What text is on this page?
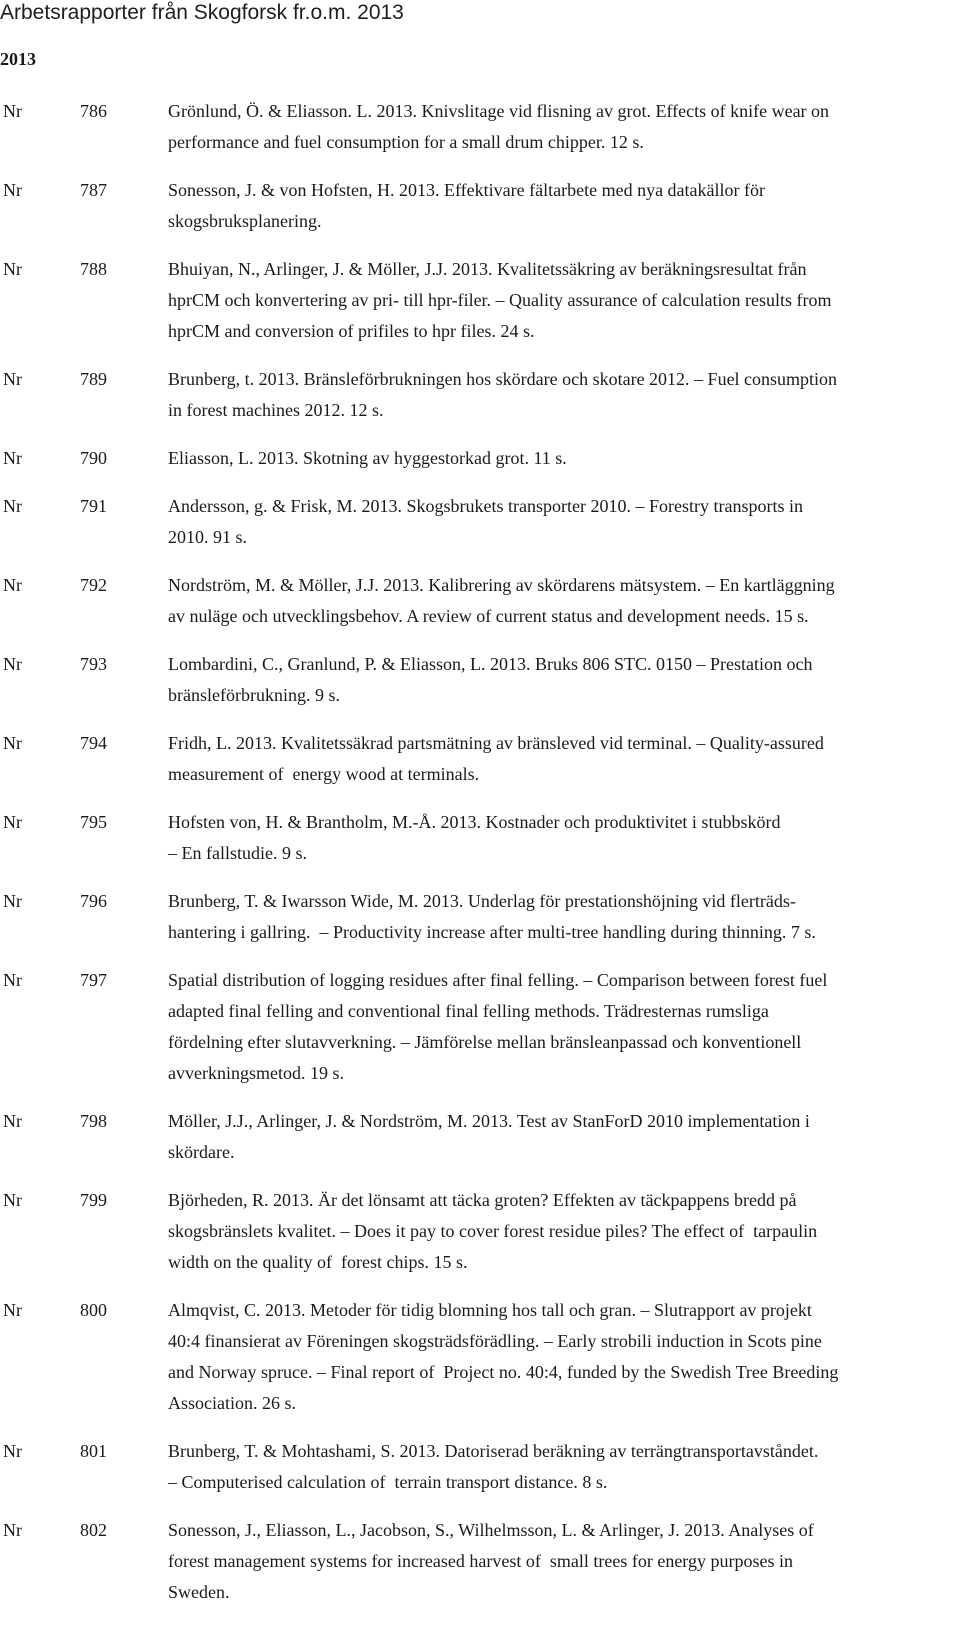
Arbetsrapporter från Skogforsk fr.o.m. 2013
2013
Nr	786	Grönlund, Ö. & Eliasson. L. 2013. Knivslitage vid flisning av grot. Effects of knife wear on
performance and fuel consumption for a small drum chipper. 12 s.
Nr	787	Sonesson, J. & von Hofsten, H. 2013. Effektivare fältarbete med nya datakällor för
skogsbruksplanering.
Nr	788	Bhuiyan, N., Arlinger, J. & Möller, J.J. 2013. Kvalitetssäkring av beräkningsresultat från
hprCM och konvertering av pri- till hpr-filer. – Quality assurance of calculation results from
hprCM and conversion of prifiles to hpr files. 24 s.
Nr	789	Brunberg, t. 2013. Bränsleförbrukningen hos skördare och skotare 2012. – Fuel consumption
in forest machines 2012. 12 s.
Nr	790	Eliasson, L. 2013. Skotning av hyggestorkad grot. 11 s.
Nr	791	Andersson, g. & Frisk, M. 2013. Skogsbrukets transporter 2010. – Forestry transports in
2010. 91 s.
Nr	792	Nordström, M. & Möller, J.J. 2013. Kalibrering av skördarens mätsystem. – En kartläggning
av nuläge och utvecklingsbehov. A review of current status and development needs. 15 s.
Nr	793	Lombardini, C., Granlund, P. & Eliasson, L. 2013. Bruks 806 STC. 0150 – Prestation och
bränsleförbrukning. 9 s.
Nr	794	Fridh, L. 2013. Kvalitetssäkrad partsmätning av bränsleved vid terminal. – Quality-assured
measurement of  energy wood at terminals.
Nr	795	Hofsten von, H. & Brantholm, M.-Å. 2013. Kostnader och produktivitet i stubbskörd
– En fallstudie. 9 s.
Nr	796	Brunberg, T. & Iwarsson Wide, M. 2013. Underlag för prestationshöjning vid flerträds-
hantering i gallring.  – Productivity increase after multi-tree handling during thinning. 7 s.
Nr	797	Spatial distribution of logging residues after final felling. – Comparison between forest fuel
adapted final felling and conventional final felling methods. Trädresternas rumsliga
fördelning efter slutavverkning. – Jämförelse mellan bränsleanpassad och konventionell
avverkningsmetod. 19 s.
Nr	798	Möller, J.J., Arlinger, J. & Nordström, M. 2013. Test av StanForD 2010 implementation i
skördare.
Nr	799	Björheden, R. 2013. Är det lönsamt att täcka groten? Effekten av täckpappens bredd på
skogsbränslets kvalitet. – Does it pay to cover forest residue piles? The effect of  tarpaulin
width on the quality of  forest chips. 15 s.
Nr	800	Almqvist, C. 2013. Metoder för tidig blomning hos tall och gran. – Slutrapport av projekt
40:4 finansierat av Föreningen skogsträdsförädling. – Early strobili induction in Scots pine
and Norway spruce. – Final report of  Project no. 40:4, funded by the Swedish Tree Breeding
Association. 26 s.
Nr	801	Brunberg, T. & Mohtashami, S. 2013. Datoriserad beräkning av terrängtransportavståndet.
– Computerised calculation of  terrain transport distance. 8 s.
Nr	802	Sonesson, J., Eliasson, L., Jacobson, S., Wilhelmsson, L. & Arlinger, J. 2013. Analyses of
forest management systems for increased harvest of  small trees for energy purposes in
Sweden.
